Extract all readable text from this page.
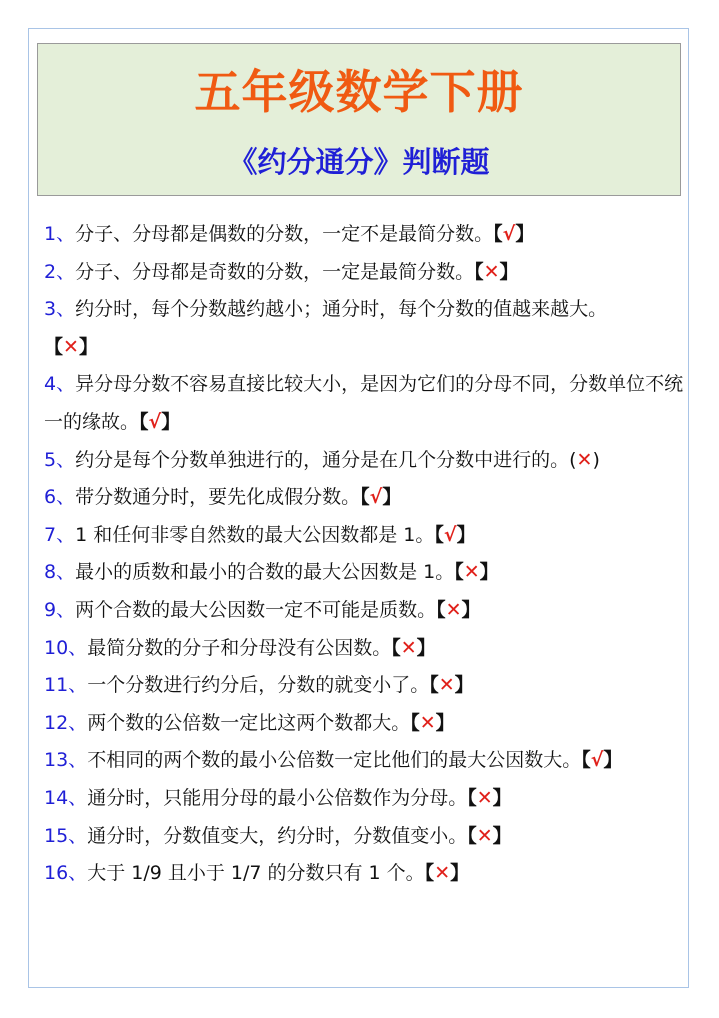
五年级数学下册
《约分通分》判断题
1、分子、分母都是偶数的分数，一定不是最简分数。【√】
2、分子、分母都是奇数的分数，一定是最简分数。【✕】
3、约分时，每个分数越约越小；通分时，每个分数的值越来越大。
【✕】
4、异分母分数不容易直接比较大小，是因为它们的分母不同，分数单位不统一的缘故。【√】
5、约分是每个分数单独进行的，通分是在几个分数中进行的。(✕)
6、带分数通分时，要先化成假分数。【√】
7、1 和任何非零自然数的最大公因数都是 1。【√】
8、最小的质数和最小的合数的最大公因数是 1。【✕】
9、两个合数的最大公因数一定不可能是质数。【✕】
10、最简分数的分子和分母没有公因数。【✕】
11、一个分数进行约分后，分数的就变小了。【✕】
12、两个数的公倍数一定比这两个数都大。【✕】
13、不相同的两个数的最小公倍数一定比他们的最大公因数大。【√】
14、通分时，只能用分母的最小公倍数作为分母。【✕】
15、通分时，分数值变大，约分时，分数值变小。【✕】
16、大于 1/9 且小于 1/7 的分数只有 1 个。【✕】
